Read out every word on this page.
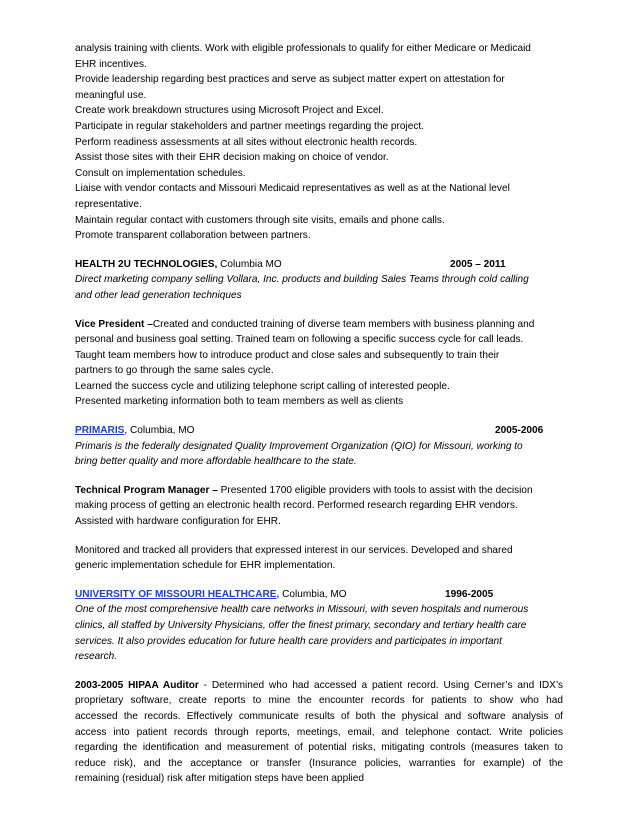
analysis training with clients. Work with eligible professionals to qualify for either Medicare or Medicaid
EHR incentives.
Provide leadership regarding best practices and serve as subject matter expert on attestation for
meaningful use.
Create work breakdown structures using Microsoft Project and Excel.
Participate in regular stakeholders and partner meetings regarding the project.
Perform readiness assessments at all sites without electronic health records.
Assist those sites with their EHR decision making on choice of vendor.
Consult on implementation schedules.
Liaise with vendor contacts and Missouri Medicaid representatives as well as at the National level
representative.
Maintain regular contact with customers through site visits, emails and phone calls.
Promote transparent collaboration between partners.
HEALTH 2U TECHNOLOGIES, Columbia MO	2005 – 2011
Direct marketing company selling Vollara, Inc. products and building Sales Teams through cold calling
and other lead generation techniques
Vice President –Created and conducted training of diverse team members with business planning and
personal and business goal setting. Trained team on following a specific success cycle for call leads.
Taught team members how to introduce product and close sales and subsequently to train their
partners to go through the same sales cycle.
Learned the success cycle and utilizing telephone script calling of interested people.
Presented marketing information both to team members as well as clients
PRIMARIS, Columbia, MO	2005-2006
Primaris is the federally designated Quality Improvement Organization (QIO) for Missouri, working to
bring better quality and more affordable healthcare to the state.
Technical Program Manager – Presented 1700 eligible providers with tools to assist with the decision
making process of getting an electronic health record. Performed research regarding EHR vendors.
Assisted with hardware configuration for EHR.
Monitored and tracked all providers that expressed interest in our services. Developed and shared
generic implementation schedule for EHR implementation.
UNIVERSITY OF MISSOURI HEALTHCARE, Columbia, MO	1996-2005
One of the most comprehensive health care networks in Missouri, with seven hospitals and numerous
clinics, all staffed by University Physicians, offer the finest primary, secondary and tertiary health care
services. It also provides education for future health care providers and participates in important
research.
2003-2005 HIPAA Auditor - Determined who had accessed a patient record. Using Cerner’s and IDX’s
proprietary software, create reports to mine the encounter records for patients to show who had
accessed the records. Effectively communicate results of both the physical and software analysis of
access into patient records through reports, meetings, email, and telephone contact. Write policies
regarding the identification and measurement of potential risks, mitigating controls (measures taken to
reduce risk), and the acceptance or transfer (Insurance policies, warranties for example) of the
remaining (residual) risk after mitigation steps have been applied
